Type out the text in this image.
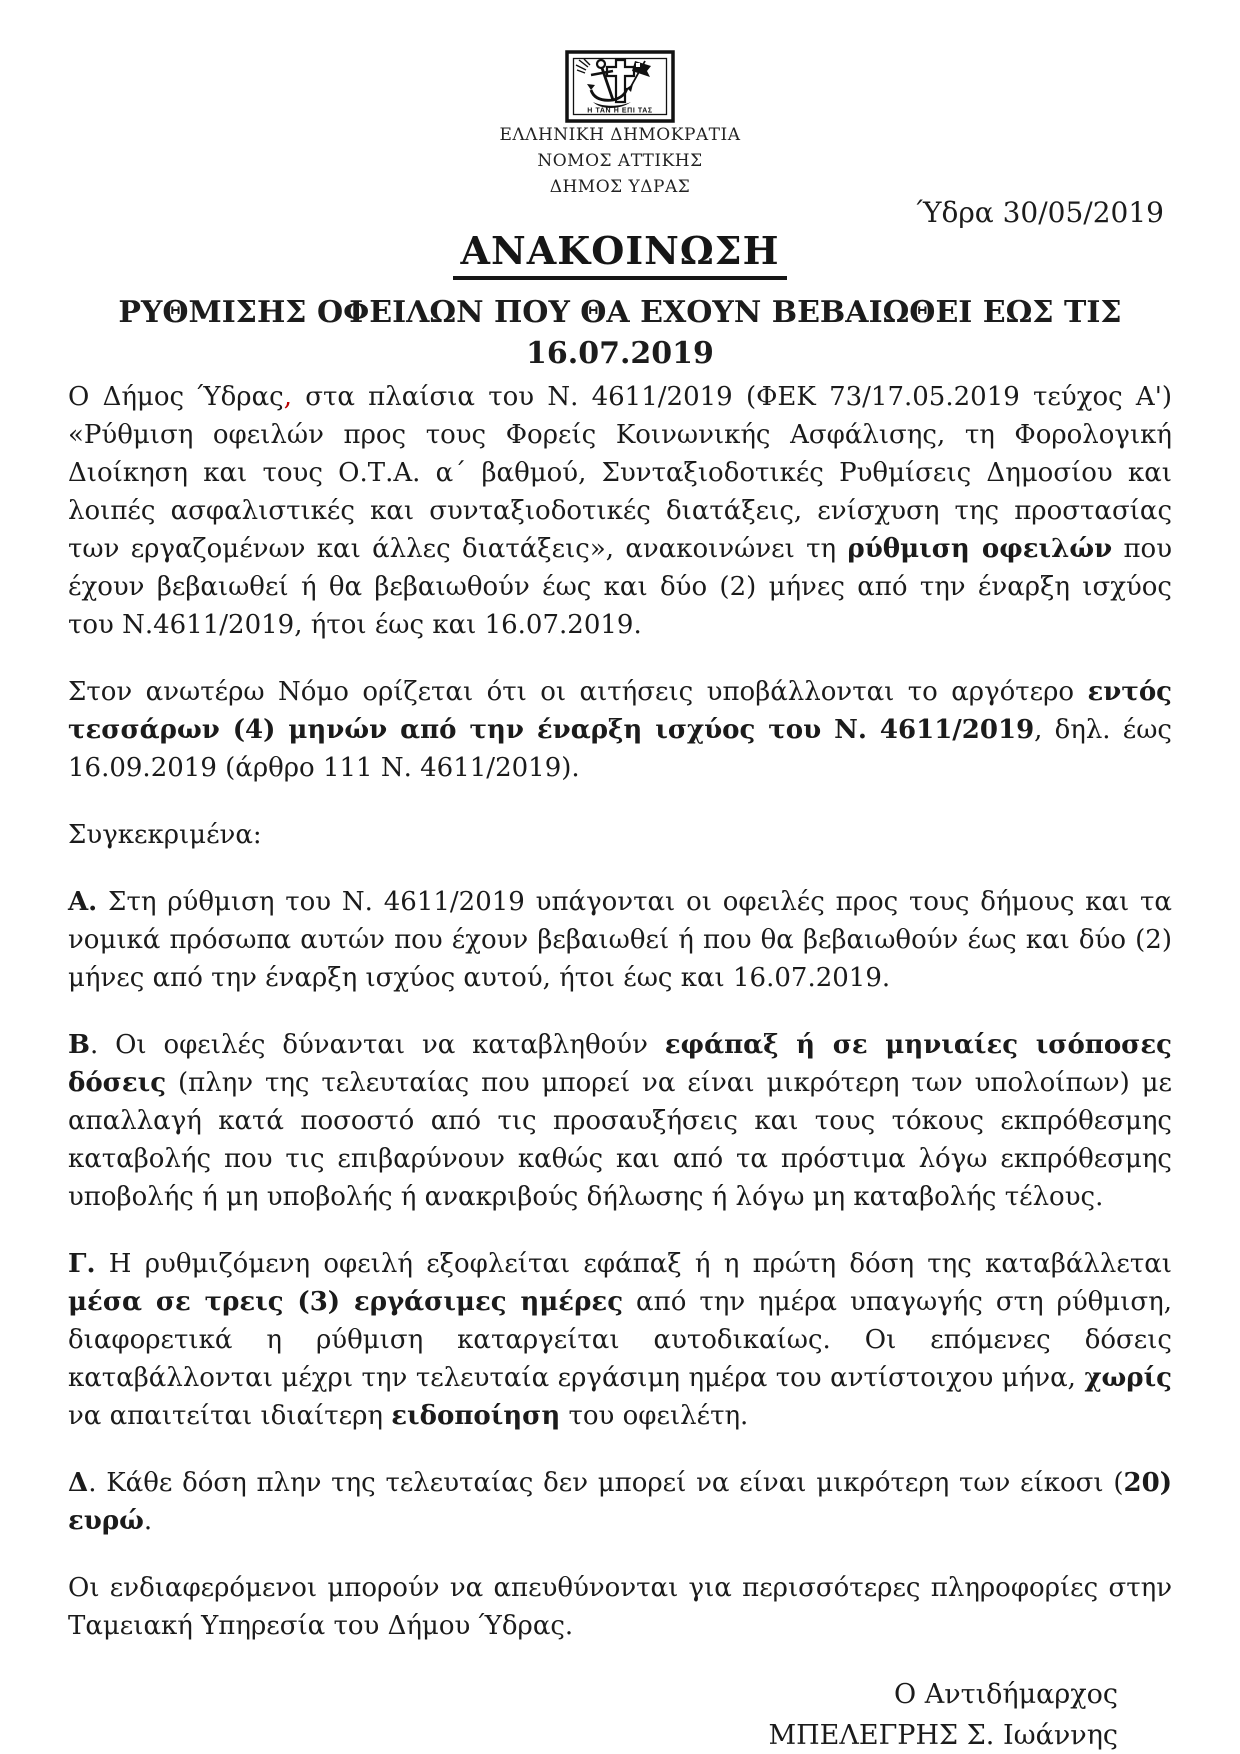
Η ΤΑΝ Η ΕΠΙ ΤΑΣ
ΕΛΛΗΝΙΚΗ ΔΗΜΟΚΡΑΤΙΑ
ΝΟΜΟΣ ΑΤΤΙΚΗΣ
ΔΗΜΟΣ ΥΔΡΑΣ
Ύδρα 30/05/2019
ΑΝΑΚΟΙΝΩΣΗ
ΡΥΘΜΙΣΗΣ ΟΦΕΙΛΩΝ ΠΟΥ ΘΑ ΕΧΟΥΝ ΒΕΒΑΙΩΘΕΙ ΕΩΣ ΤΙΣ
16.07.2019

Ο Δήμος Ύδρας, στα πλαίσια του Ν. 4611/2019 (ΦΕΚ 73/17.05.2019 τεύχος Α') «Ρύθμιση οφειλών προς τους Φορείς Κοινωνικής Ασφάλισης, τη Φορολογική Διοίκηση και τους Ο.Τ.Α. α΄ βαθμού, Συνταξιοδοτικές Ρυθμίσεις Δημοσίου και λοιπές ασφαλιστικές και συνταξιοδοτικές διατάξεις, ενίσχυση της προστασίας των εργαζομένων και άλλες διατάξεις», ανακοινώνει τη ρύθμιση οφειλών που έχουν βεβαιωθεί ή θα βεβαιωθούν έως και δύο (2) μήνες από την έναρξη ισχύος του Ν.4611/2019, ήτοι έως και 16.07.2019.

Στον ανωτέρω Νόμο ορίζεται ότι οι αιτήσεις υποβάλλονται το αργότερο εντός τεσσάρων (4) μηνών από την έναρξη ισχύος του Ν. 4611/2019, δηλ. έως 16.09.2019 (άρθρο 111 Ν. 4611/2019).

Συγκεκριμένα:

Α. Στη ρύθμιση του Ν. 4611/2019 υπάγονται οι οφειλές προς τους δήμους και τα νομικά πρόσωπα αυτών που έχουν βεβαιωθεί ή που θα βεβαιωθούν έως και δύο (2) μήνες από την έναρξη ισχύος αυτού, ήτοι έως και 16.07.2019.

Β. Οι οφειλές δύνανται να καταβληθούν εφάπαξ ή σε μηνιαίες ισόποσες δόσεις (πλην της τελευταίας που μπορεί να είναι μικρότερη των υπολοίπων) με απαλλαγή κατά ποσοστό από τις προσαυξήσεις και τους τόκους εκπρόθεσμης καταβολής που τις επιβαρύνουν καθώς και από τα πρόστιμα λόγω εκπρόθεσμης υποβολής ή μη υποβολής ή ανακριβούς δήλωσης ή λόγω μη καταβολής τέλους.

Γ. Η ρυθμιζόμενη οφειλή εξοφλείται εφάπαξ ή η πρώτη δόση της καταβάλλεται μέσα σε τρεις (3) εργάσιμες ημέρες από την ημέρα υπαγωγής στη ρύθμιση, διαφορετικά η ρύθμιση καταργείται αυτοδικαίως. Οι επόμενες δόσεις καταβάλλονται μέχρι την τελευταία εργάσιμη ημέρα του αντίστοιχου μήνα, χωρίς να απαιτείται ιδιαίτερη ειδοποίηση του οφειλέτη.

Δ. Κάθε δόση πλην της τελευταίας δεν μπορεί να είναι μικρότερη των είκοσι (20) ευρώ.

Οι ενδιαφερόμενοι μπορούν να απευθύνονται για περισσότερες πληροφορίες στην Ταμειακή Υπηρεσία του Δήμου Ύδρας.

Ο Αντιδήμαρχος
ΜΠΕΛΕΓΡΗΣ Σ. Ιωάννης
